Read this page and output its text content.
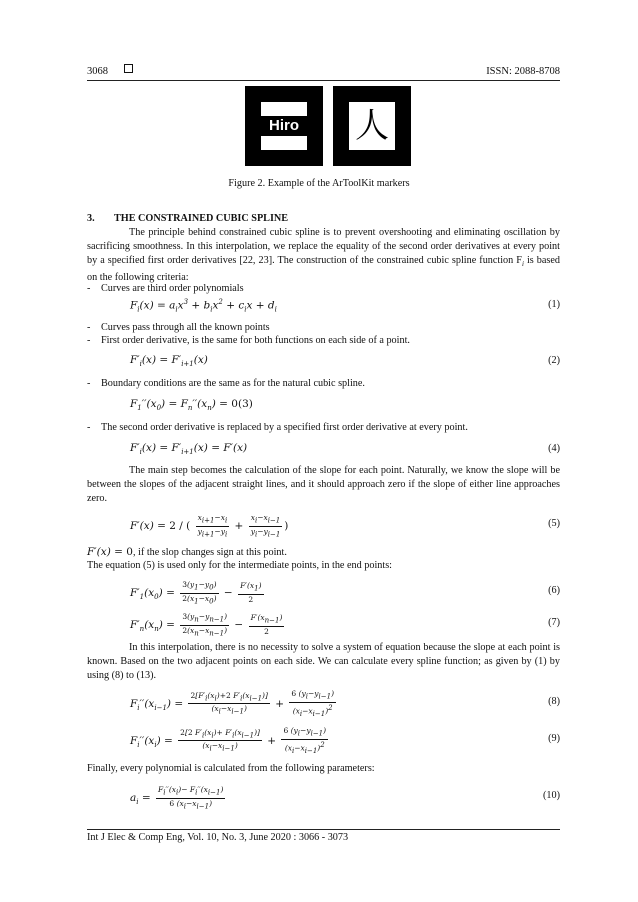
3068	ISSN: 2088-8708
Hiro 人
Figure 2. Example of the ArToolKit markers
3. THE CONSTRAINED CUBIC SPLINE
The principle behind constrained cubic spline is to prevent overshooting and eliminating oscillation by sacrificing smoothness. In this interpolation, we replace the equality of the second order derivatives at every point by a specified first order derivatives [22, 23]. The construction of the constrained cubic spline function $F_i$ is based on the following criteria:
- Curves are third order polynomials
$F_i(x) = a_ix^3 + b_ix^2 + c_ix + d_i$	(1)
- Curves pass through all the known points
- First order derivative, is the same for both functions on each side of a point.
$F'_i(x) = F'_{i+1}(x)$	(2)
- Boundary conditions are the same as for the natural cubic spline.
$F_1''(x_0) = F_n''(x_n) = 0(3)$
- The second order derivative is replaced by a specified first order derivative at every point.
$F'_i(x) = F'_{i+1}(x) = F'(x)$	(4)
The main step becomes the calculation of the slope for each point. Naturally, we know the slope will be between the slopes of the adjacent straight lines, and it should approach zero if the slope of either line approaches zero.
F′(x) = 2 / ( $\frac{x_{i+1}-x_i}{y_{i+1}-y_i} + \frac{x_i-x_{i-1}}{y_i-y_{i-1}}$ )	(5)
F′(x) = 0, if the slop changes sign at this point.
The equation (5) is used only for the intermediate points, in the end points:
$F'_1(x_0) = \frac{3(y_1-y_0)}{2(x_1-x_0)} - \frac{F'(x_1)}{2}$	(6)
$F'_n(x_n) = \frac{3(y_n-y_{n-1})}{2(x_n-x_{n-1})} - \frac{F'(x_{n-1})}{2}$	(7)
In this interpolation, there is no necessity to solve a system of equation because the slope at each point is known. Based on the two adjacent points on each side. We can calculate every spline function; as given by (1) by using (8) to (13).
$F_i''(x_{i-1}) = \frac{2[F'_i(x_i)+2 F'_i(x_{i-1})]}{(x_i-x_{i-1})} + \frac{6 (y_i-y_{i-1})}{(x_i-x_{i-1})^2}$	(8)
$F_i''(x_i) = \frac{2[2 F'_i(x_i)+ F'_i(x_{i-1})]}{(x_i-x_{i-1})} + \frac{6 (y_i-y_{i-1})}{(x_i-x_{i-1})^2}$	(9)
Finally, every polynomial is calculated from the following parameters:
$a_i = \frac{F_i''(x_i)- F_i''(x_{i-1})}{6 (x_i-x_{i-1})}$	(10)
Int J Elec & Comp Eng, Vol. 10, No. 3, June 2020 : 3066 - 3073
